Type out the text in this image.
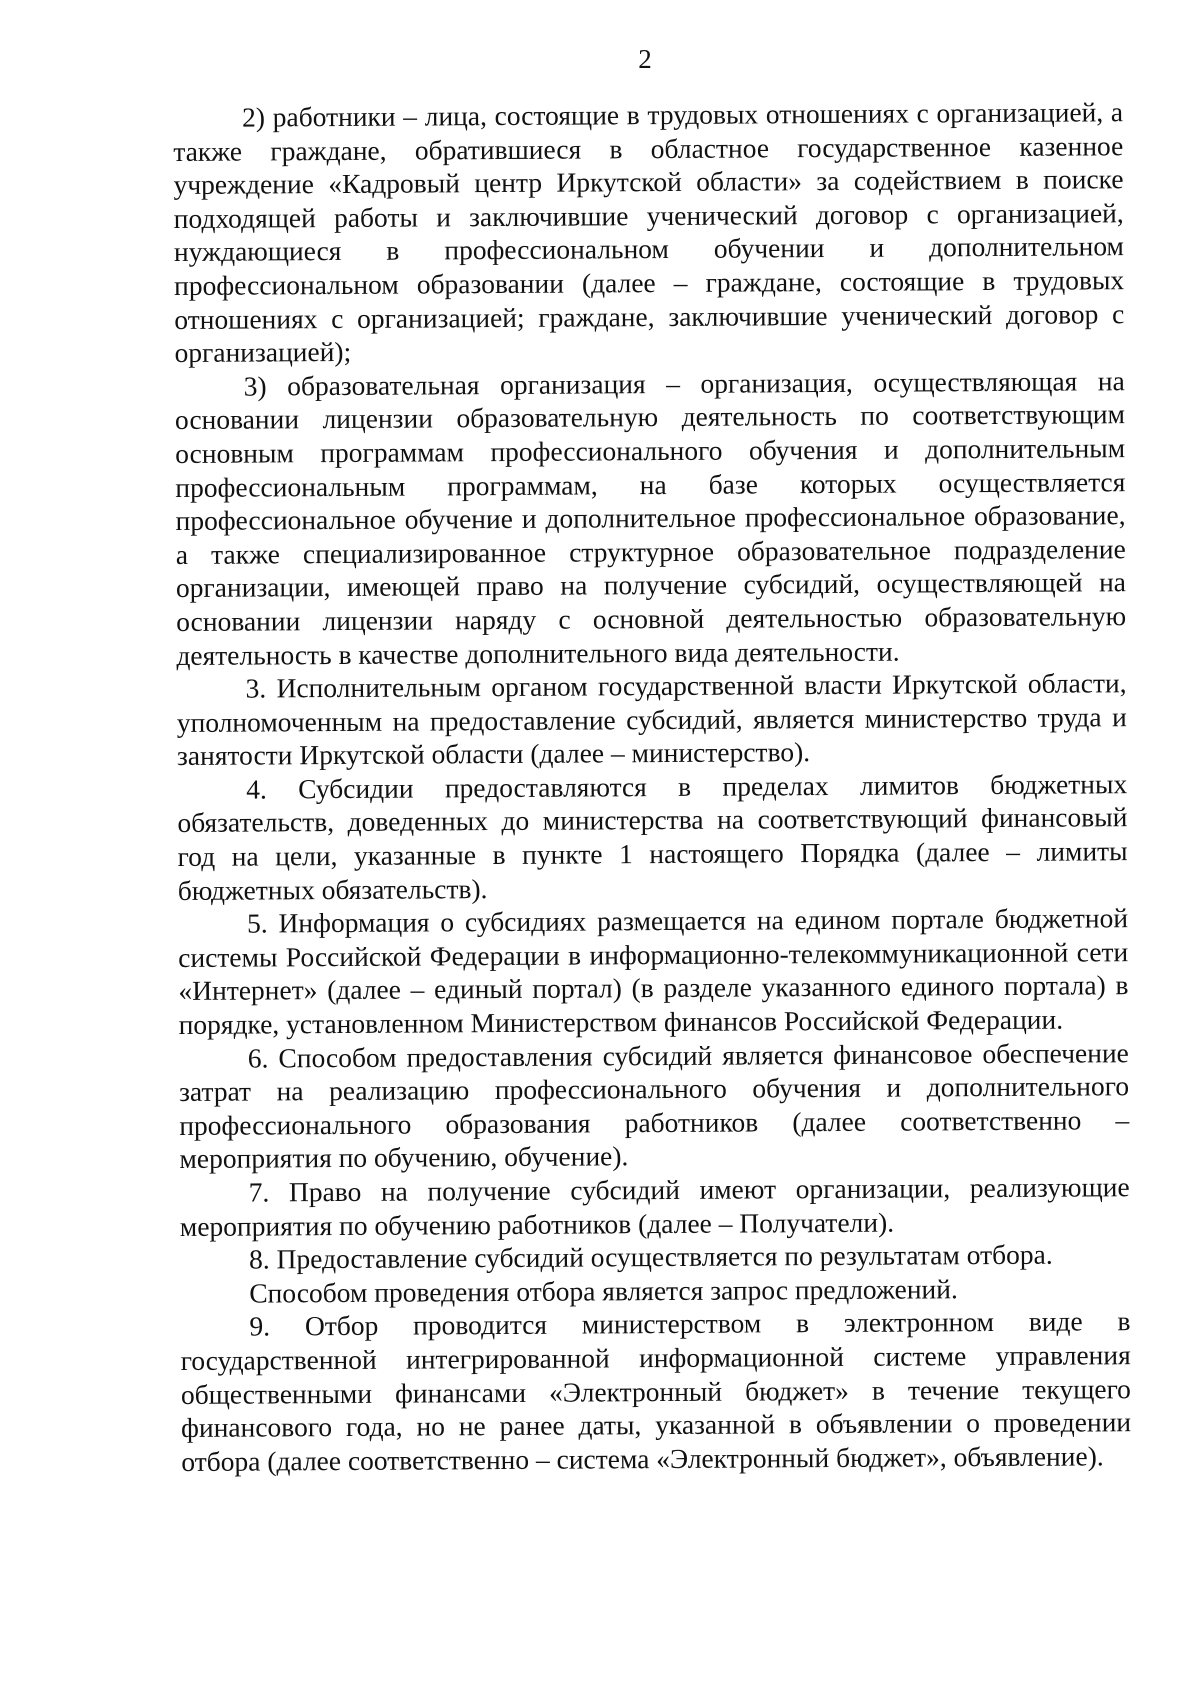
2

2) работники – лица, состоящие в трудовых отношениях с организацией, а также граждане, обратившиеся в областное государственное казенное учреждение «Кадровый центр Иркутской области» за содействием в поиске подходящей работы и заключившие ученический договор с организацией, нуждающиеся в профессиональном обучении и дополнительном профессиональном образовании (далее – граждане, состоящие в трудовых отношениях с организацией; граждане, заключившие ученический договор с организацией);

3) образовательная организация – организация, осуществляющая на основании лицензии образовательную деятельность по соответствующим основным программам профессионального обучения и дополнительным профессиональным программам, на базе которых осуществляется профессиональное обучение и дополнительное профессиональное образование, а также специализированное структурное образовательное подразделение организации, имеющей право на получение субсидий, осуществляющей на основании лицензии наряду с основной деятельностью образовательную деятельность в качестве дополнительного вида деятельности.

3. Исполнительным органом государственной власти Иркутской области, уполномоченным на предоставление субсидий, является министерство труда и занятости Иркутской области (далее – министерство).

4. Субсидии предоставляются в пределах лимитов бюджетных обязательств, доведенных до министерства на соответствующий финансовый год на цели, указанные в пункте 1 настоящего Порядка (далее – лимиты бюджетных обязательств).

5. Информация о субсидиях размещается на едином портале бюджетной системы Российской Федерации в информационно-телекоммуникационной сети «Интернет» (далее – единый портал) (в разделе указанного единого портала) в порядке, установленном Министерством финансов Российской Федерации.

6. Способом предоставления субсидий является финансовое обеспечение затрат на реализацию профессионального обучения и дополнительного профессионального образования работников (далее соответственно – мероприятия по обучению, обучение).

7. Право на получение субсидий имеют организации, реализующие мероприятия по обучению работников (далее – Получатели).

8. Предоставление субсидий осуществляется по результатам отбора.

Способом проведения отбора является запрос предложений.

9. Отбор проводится министерством в электронном виде в государственной интегрированной информационной системе управления общественными финансами «Электронный бюджет» в течение текущего финансового года, но не ранее даты, указанной в объявлении о проведении отбора (далее соответственно – система «Электронный бюджет», объявление).
